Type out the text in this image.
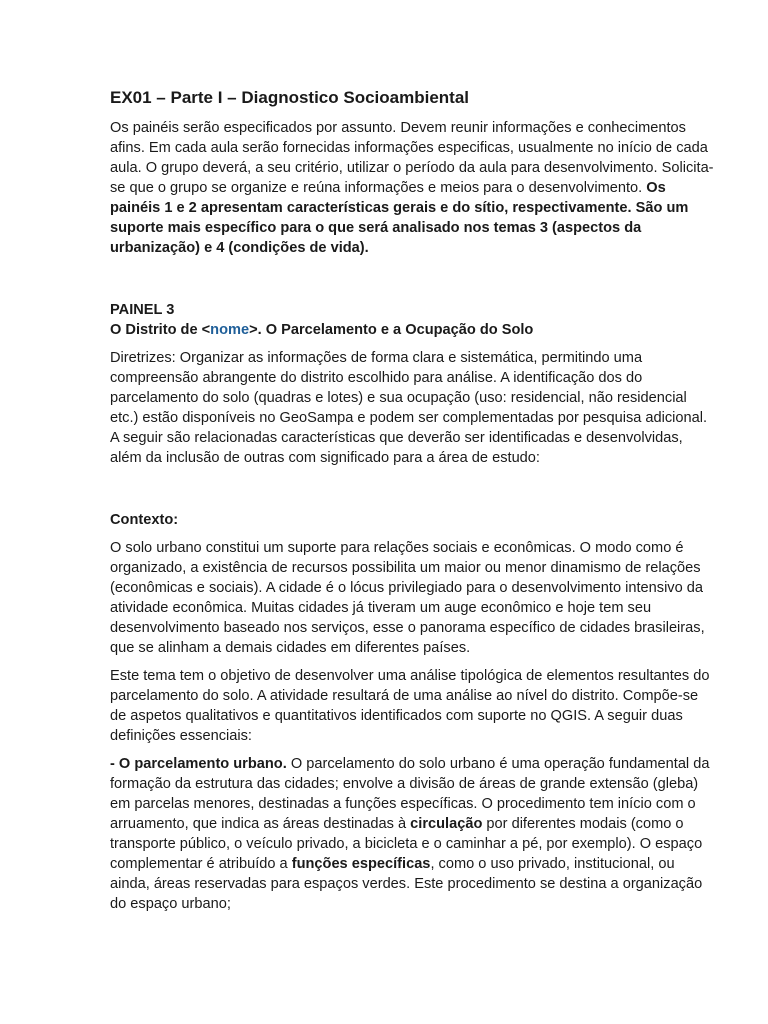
EX01 – Parte I – Diagnostico Socioambiental

Os painéis serão especificados por assunto. Devem reunir informações e conhecimentos afins. Em cada aula serão fornecidas informações especificas, usualmente no início de cada aula. O grupo deverá, a seu critério, utilizar o período da aula para desenvolvimento. Solicita-se que o grupo se organize e reúna informações e meios para o desenvolvimento. Os painéis 1 e 2 apresentam características gerais e do sítio, respectivamente. São um suporte mais específico para o que será analisado nos temas 3 (aspectos da urbanização) e 4 (condições de vida).

PAINEL 3
O Distrito de <nome>. O Parcelamento e a Ocupação do Solo

Diretrizes: Organizar as informações de forma clara e sistemática, permitindo uma compreensão abrangente do distrito escolhido para análise. A identificação dos do parcelamento do solo (quadras e lotes) e sua ocupação (uso: residencial, não residencial etc.) estão disponíveis no GeoSampa e podem ser complementadas por pesquisa adicional. A seguir são relacionadas características que deverão ser identificadas e desenvolvidas, além da inclusão de outras com significado para a área de estudo:

Contexto:

O solo urbano constitui um suporte para relações sociais e econômicas. O modo como é organizado, a existência de recursos possibilita um maior ou menor dinamismo de relações (econômicas e sociais). A cidade é o lócus privilegiado para o desenvolvimento intensivo da atividade econômica. Muitas cidades já tiveram um auge econômico e hoje tem seu desenvolvimento baseado nos serviços, esse o panorama específico de cidades brasileiras, que se alinham a demais cidades em diferentes países.

Este tema tem o objetivo de desenvolver uma análise tipológica de elementos resultantes do parcelamento do solo. A atividade resultará de uma análise ao nível do distrito. Compõe-se de aspetos qualitativos e quantitativos identificados com suporte no QGIS. A seguir duas definições essenciais:

- O parcelamento urbano. O parcelamento do solo urbano é uma operação fundamental da formação da estrutura das cidades; envolve a divisão de áreas de grande extensão (gleba) em parcelas menores, destinadas a funções específicas. O procedimento tem início com o arruamento, que indica as áreas destinadas à circulação por diferentes modais (como o transporte público, o veículo privado, a bicicleta e o caminhar a pé, por exemplo). O espaço complementar é atribuído a funções específicas, como o uso privado, institucional, ou ainda, áreas reservadas para espaços verdes. Este procedimento se destina a organização do espaço urbano;
